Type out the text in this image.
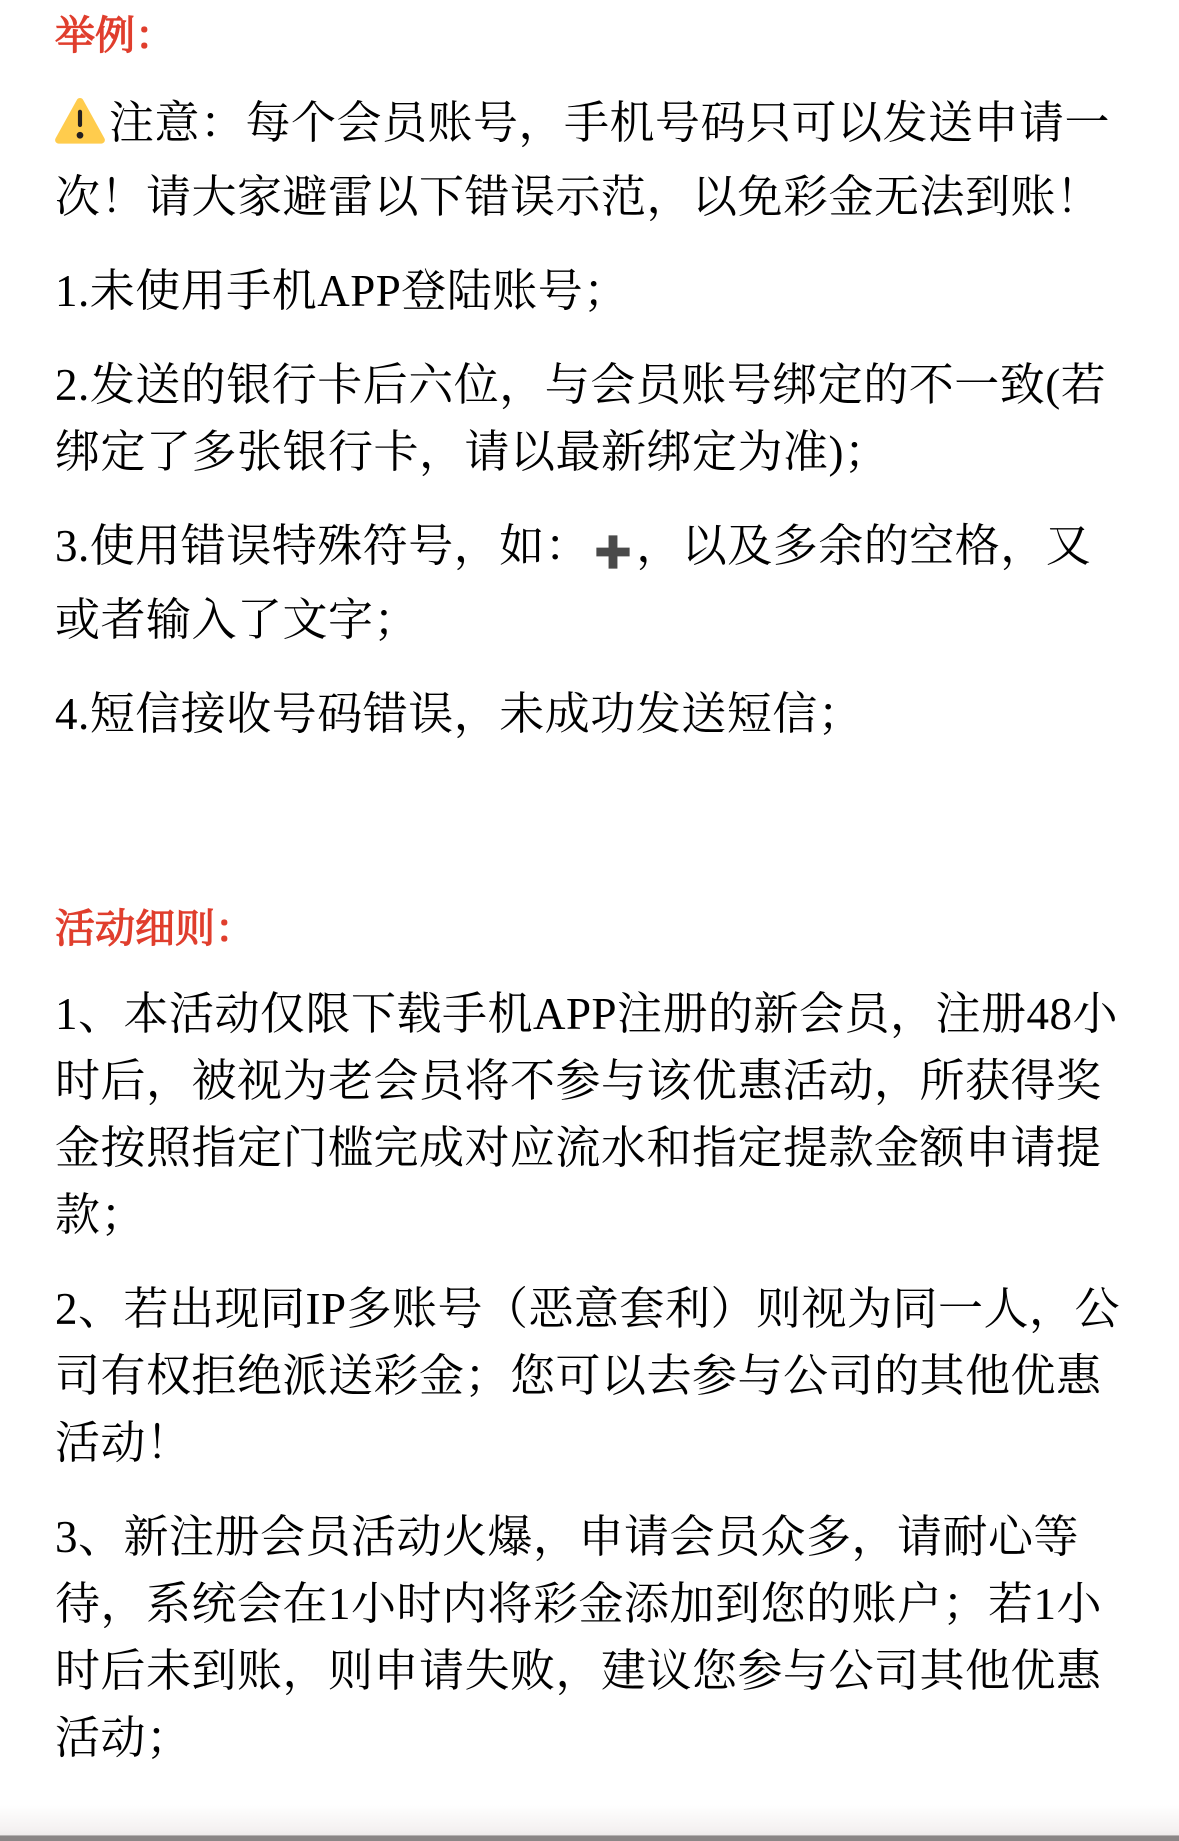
举例：

注意：每个会员账号，手机号码只可以发送申请一次！请大家避雷以下错误示范，以免彩金无法到账！

1.未使用手机APP登陆账号；

2.发送的银行卡后六位，与会员账号绑定的不一致(若绑定了多张银行卡，请以最新绑定为准)；

3.使用错误特殊符号，如： ，以及多余的空格，又或者输入了文字；

4.短信接收号码错误，未成功发送短信；

活动细则：

1、本活动仅限下载手机APP注册的新会员，注册48小时后，被视为老会员将不参与该优惠活动，所获得奖金按照指定门槛完成对应流水和指定提款金额申请提款；

2、若出现同IP多账号（恶意套利）则视为同一人，公司有权拒绝派送彩金；您可以去参与公司的其他优惠活动！

3、新注册会员活动火爆，申请会员众多，请耐心等待，系统会在1小时内将彩金添加到您的账户；若1小时后未到账，则申请失败，建议您参与公司其他优惠活动；
